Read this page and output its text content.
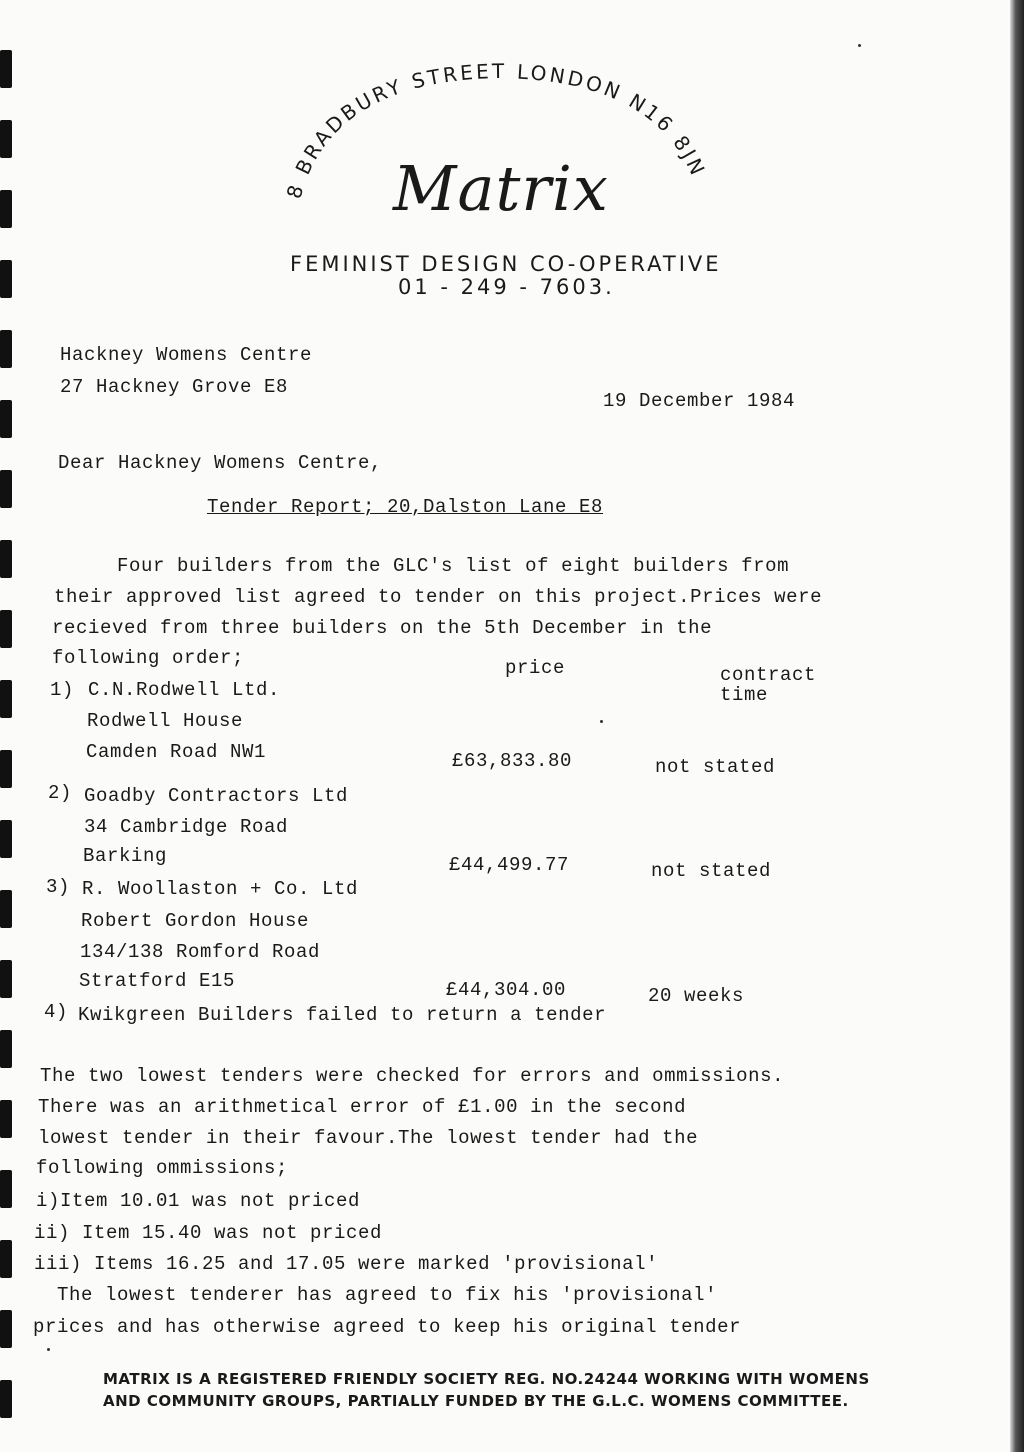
8 BRADBURY STREET LONDON N16 8JN
Matrix
FEMINIST DESIGN CO-OPERATIVE
01 - 249 - 7603.
Hackney Womens Centre
27 Hackney Grove E8
19 December 1984
Dear Hackney Womens Centre,
Tender Report; 20,Dalston Lane E8
Four builders from the GLC's list of eight builders from
their approved list agreed to tender on this project.Prices were
recieved from three builders on the 5th December in the
following order;	price	contract
time
1) C.N.Rodwell Ltd.
Rodwell House
Camden Road NW1	£63,833.80	not stated
2) Goadby Contractors Ltd
34 Cambridge Road
Barking	£44,499.77	not stated
3) R. Woollaston + Co. Ltd
Robert Gordon House
134/138 Romford Road
Stratford E15	£44,304.00	20 weeks
4) Kwikgreen Builders failed to return a tender
The two lowest tenders were checked for errors and ommissions.
There was an arithmetical error of £1.00 in the second
lowest tender in their favour.The lowest tender had the
following ommissions;
i)Item 10.01 was not priced
ii) Item 15.40 was not priced
iii) Items 16.25 and 17.05 were marked 'provisional'
The lowest tenderer has agreed to fix his 'provisional'
prices and has otherwise agreed to keep his original tender
MATRIX IS A REGISTERED FRIENDLY SOCIETY REG. NO.24244 WORKING WITH WOMENS
AND COMMUNITY GROUPS, PARTIALLY FUNDED BY THE G.L.C. WOMENS COMMITTEE.
